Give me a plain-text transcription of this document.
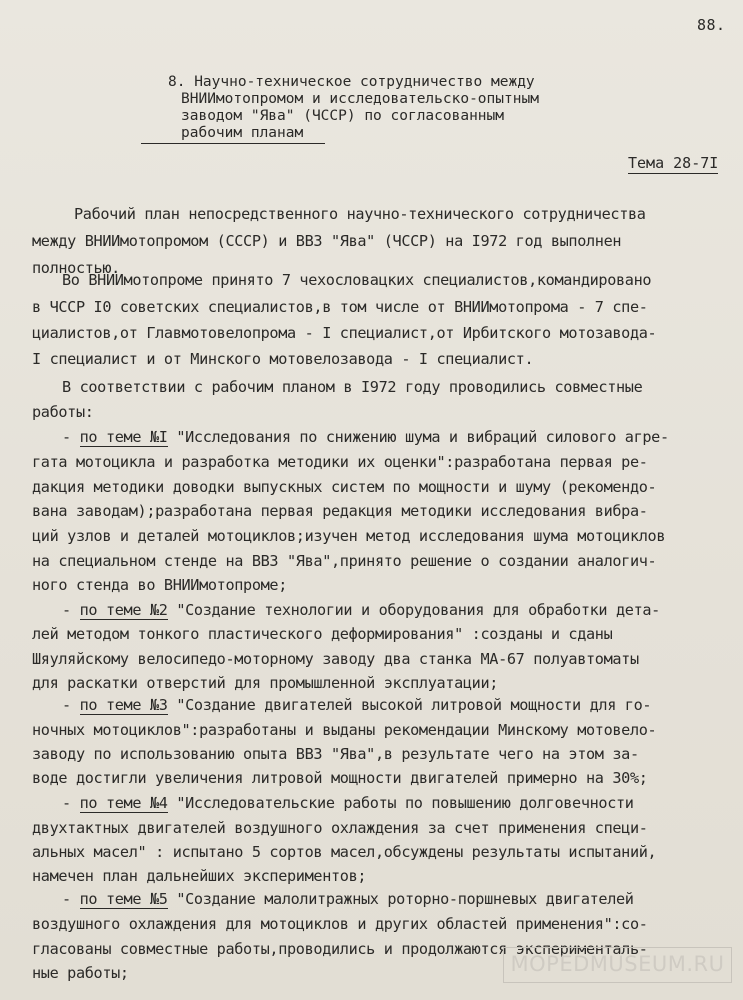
88.
8. Научно-техническое сотрудничество между
ВНИИмотопромом и исследовательско-опытным
заводом "Ява" (ЧССР) по согласованным
рабочим планам
Тема 28-7I
Рабочий план непосредственного научно-технического сотрудничества
между ВНИИмотопромом (СССР) и ВВЗ "Ява" (ЧССР) на I972 год выполнен
полностью.
Во ВНИИмотопроме принято 7 чехословацких специалистов,командировано
в ЧССР I0 советских специалистов,в том числе от ВНИИмотопрома - 7 спе-
циалистов,от Главмотовелопрома - I специалист,от Ирбитского мотозавода-
I специалист и от Минского мотовелозавода - I специалист.
В соответствии с рабочим планом в I972 году проводились совместные
работы:
- по теме №I "Исследования по снижению шума и вибраций силового агре-
гата мотоцикла и разработка методики их оценки":разработана первая ре-
дакция методики доводки выпускных систем по мощности и шуму (рекомендо-
вана заводам);разработана первая редакция методики исследования вибра-
ций узлов и деталей мотоциклов;изучен метод исследования шума мотоциклов
на специальном стенде на ВВЗ "Ява",принято решение о создании аналогич-
ного стенда во ВНИИмотопроме;
- по теме №2 "Создание технологии и оборудования для обработки дета-
лей методом тонкого пластического деформирования" :созданы и сданы
Шяуляйскому велосипедо-моторному заводу два станка МА-67 полуавтоматы
для раскатки отверстий для промышленной эксплуатации;
- по теме №3 "Создание двигателей высокой литровой мощности для го-
ночных мотоциклов":разработаны и выданы рекомендации Минскому мотовело-
заводу по использованию опыта ВВЗ "Ява",в результате чего на этом за-
воде достигли увеличения литровой мощности двигателей примерно на 30%;
- по теме №4 "Исследовательские работы по повышению долговечности
двухтактных двигателей воздушного охлаждения за счет применения специ-
альных масел" : испытано 5 сортов масел,обсуждены результаты испытаний,
намечен план дальнейших экспериментов;
- по теме №5 "Создание малолитражных роторно-поршневых двигателей
воздушного охлаждения для мотоциклов и других областей применения":со-
гласованы совместные работы,проводились и продолжаются эксперименталь-
ные работы;	MOPEDMUSEUM.RU
